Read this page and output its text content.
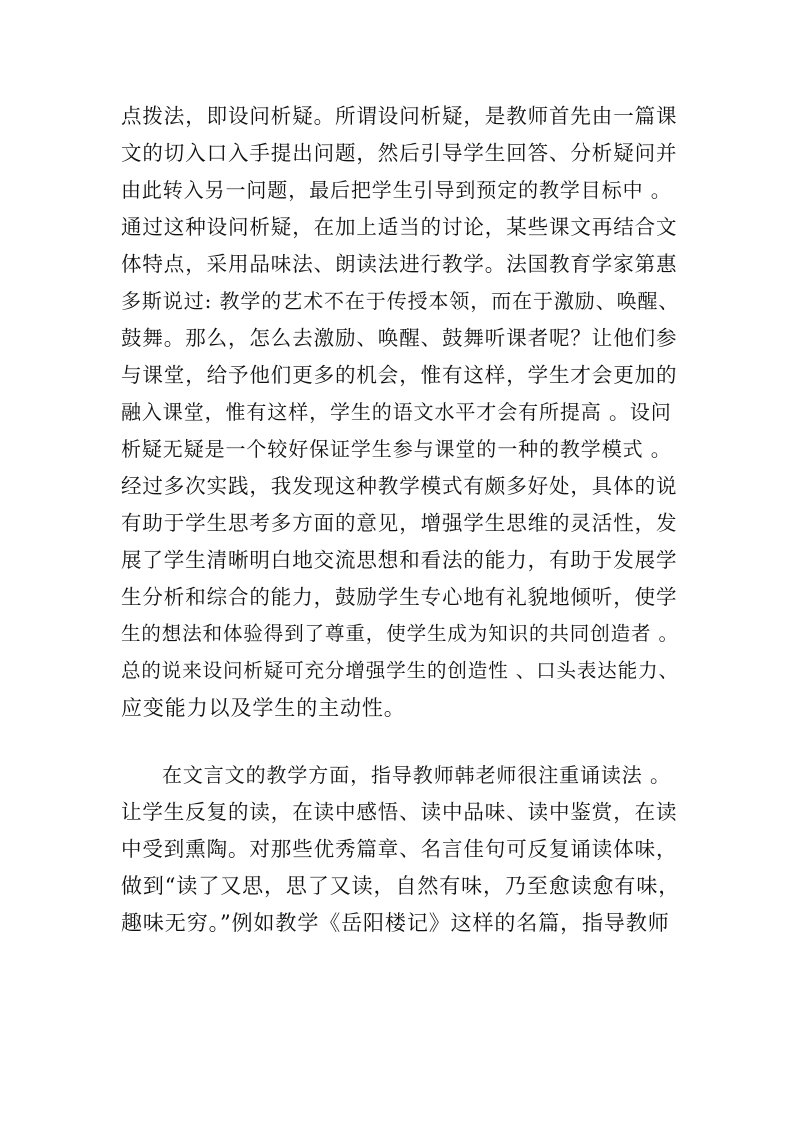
点拨法，即设问析疑。所谓设问析疑，是教师首先由一篇课
文的切入口入手提出问题，然后引导学生回答、分析疑问并
由此转入另一问题，最后把学生引导到预定的教学目标中 。
通过这种设问析疑，在加上适当的讨论，某些课文再结合文
体特点，采用品味法、朗读法进行教学。法国教育学家第惠
多斯说过: 教学的艺术不在于传授本领，而在于激励、唤醒、
鼓舞。那么，怎么去激励、唤醒、鼓舞听课者呢？让他们参
与课堂，给予他们更多的机会，惟有这样，学生才会更加的
融入课堂，惟有这样，学生的语文水平才会有所提高 。设问
析疑无疑是一个较好保证学生参与课堂的一种的教学模式 。
经过多次实践，我发现这种教学模式有颇多好处，具体的说
有助于学生思考多方面的意见，增强学生思维的灵活性，发
展了学生清晰明白地交流思想和看法的能力，有助于发展学
生分析和综合的能力，鼓励学生专心地有礼貌地倾听，使学
生的想法和体验得到了尊重，使学生成为知识的共同创造者 。
总的说来设问析疑可充分增强学生的创造性 、口头表达能力、
应变能力以及学生的主动性。
在文言文的教学方面，指导教师韩老师很注重诵读法 。
让学生反复的读，在读中感悟、读中品味、读中鉴赏，在读
中受到熏陶。对那些优秀篇章、名言佳句可反复诵读体味，
做到“读了又思，思了又读，自然有味，乃至愈读愈有味，
趣味无穷。”例如教学《岳阳楼记》这样的名篇，指导教师
